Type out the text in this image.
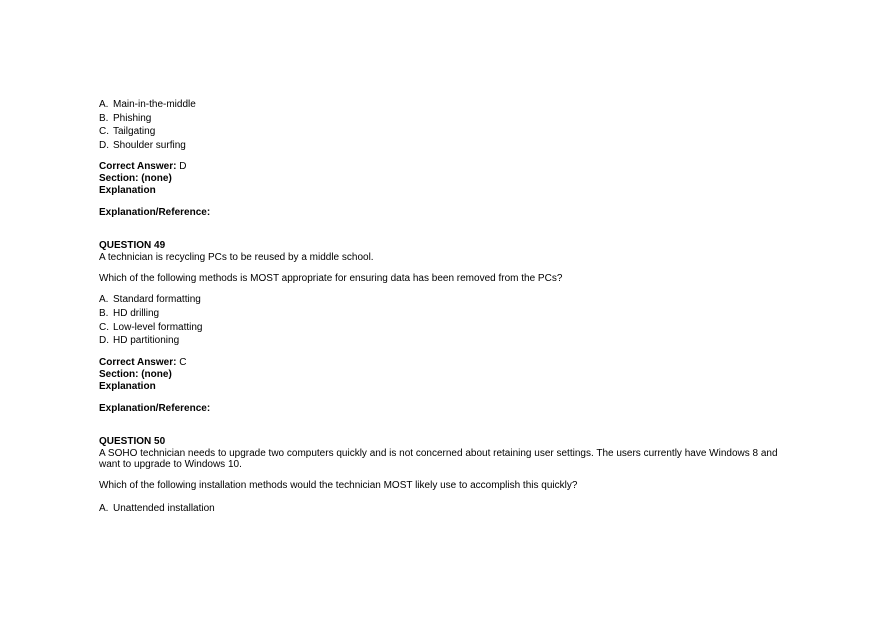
A. Main-in-the-middle
B. Phishing
C. Tailgating
D. Shoulder surfing
Correct Answer: D
Section: (none)
Explanation
Explanation/Reference:
QUESTION 49
A technician is recycling PCs to be reused by a middle school.
Which of the following methods is MOST appropriate for ensuring data has been removed from the PCs?
A. Standard formatting
B. HD drilling
C. Low-level formatting
D. HD partitioning
Correct Answer: C
Section: (none)
Explanation
Explanation/Reference:
QUESTION 50
A SOHO technician needs to upgrade two computers quickly and is not concerned about retaining user settings. The users currently have Windows 8 and want to upgrade to Windows 10.
Which of the following installation methods would the technician MOST likely use to accomplish this quickly?
A. Unattended installation
